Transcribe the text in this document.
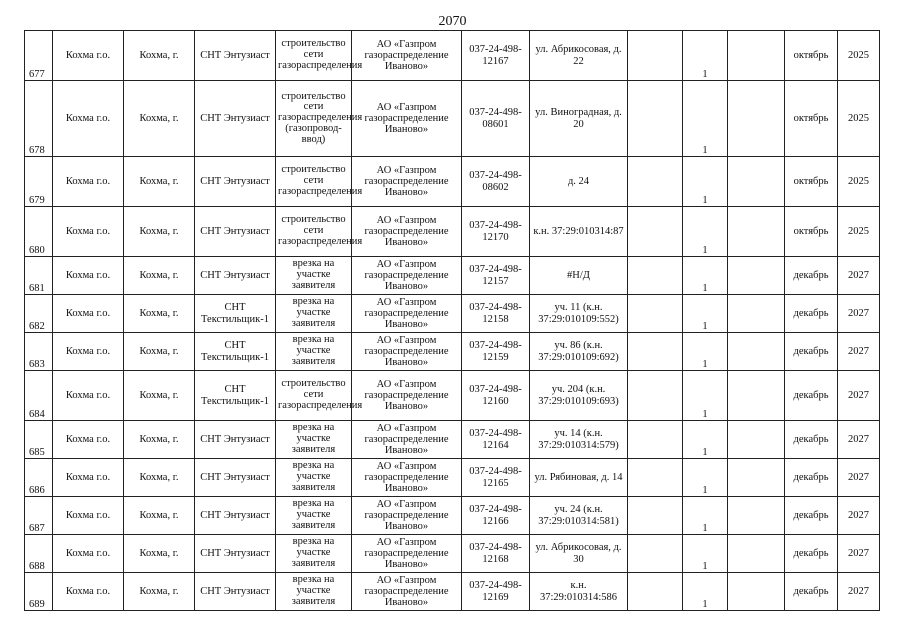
2070
677	Кохма г.о.	Кохма, г.	СНТ Энтузиаст	строительство сети газораспределения	АО «Газпром газораспределение Иваново»	037-24-498-12167	ул. Абрикосовая, д. 22		1		октябрь	2025
678	Кохма г.о.	Кохма, г.	СНТ Энтузиаст	строительство сети газораспределения (газопровод-ввод)	АО «Газпром газораспределение Иваново»	037-24-498-08601	ул. Виноградная, д. 20		1		октябрь	2025
679	Кохма г.о.	Кохма, г.	СНТ Энтузиаст	строительство сети газораспределения	АО «Газпром газораспределение Иваново»	037-24-498-08602	д. 24		1		октябрь	2025
680	Кохма г.о.	Кохма, г.	СНТ Энтузиаст	строительство сети газораспределения	АО «Газпром газораспределение Иваново»	037-24-498-12170	к.н. 37:29:010314:87		1		октябрь	2025
681	Кохма г.о.	Кохма, г.	СНТ Энтузиаст	врезка на участке заявителя	АО «Газпром газораспределение Иваново»	037-24-498-12157	#Н/Д		1		декабрь	2027
682	Кохма г.о.	Кохма, г.	СНТ Текстильщик-1	врезка на участке заявителя	АО «Газпром газораспределение Иваново»	037-24-498-12158	уч. 11 (к.н. 37:29:010109:552)		1		декабрь	2027
683	Кохма г.о.	Кохма, г.	СНТ Текстильщик-1	врезка на участке заявителя	АО «Газпром газораспределение Иваново»	037-24-498-12159	уч. 86 (к.н. 37:29:010109:692)		1		декабрь	2027
684	Кохма г.о.	Кохма, г.	СНТ Текстильщик-1	строительство сети газораспределения	АО «Газпром газораспределение Иваново»	037-24-498-12160	уч. 204 (к.н. 37:29:010109:693)		1		декабрь	2027
685	Кохма г.о.	Кохма, г.	СНТ Энтузиаст	врезка на участке заявителя	АО «Газпром газораспределение Иваново»	037-24-498-12164	уч. 14 (к.н. 37:29:010314:579)		1		декабрь	2027
686	Кохма г.о.	Кохма, г.	СНТ Энтузиаст	врезка на участке заявителя	АО «Газпром газораспределение Иваново»	037-24-498-12165	ул. Рябиновая, д. 14		1		декабрь	2027
687	Кохма г.о.	Кохма, г.	СНТ Энтузиаст	врезка на участке заявителя	АО «Газпром газораспределение Иваново»	037-24-498-12166	уч. 24 (к.н. 37:29:010314:581)		1		декабрь	2027
688	Кохма г.о.	Кохма, г.	СНТ Энтузиаст	врезка на участке заявителя	АО «Газпром газораспределение Иваново»	037-24-498-12168	ул. Абрикосовая, д. 30		1		декабрь	2027
689	Кохма г.о.	Кохма, г.	СНТ Энтузиаст	врезка на участке заявителя	АО «Газпром газораспределение Иваново»	037-24-498-12169	к.н. 37:29:010314:586		1		декабрь	2027
